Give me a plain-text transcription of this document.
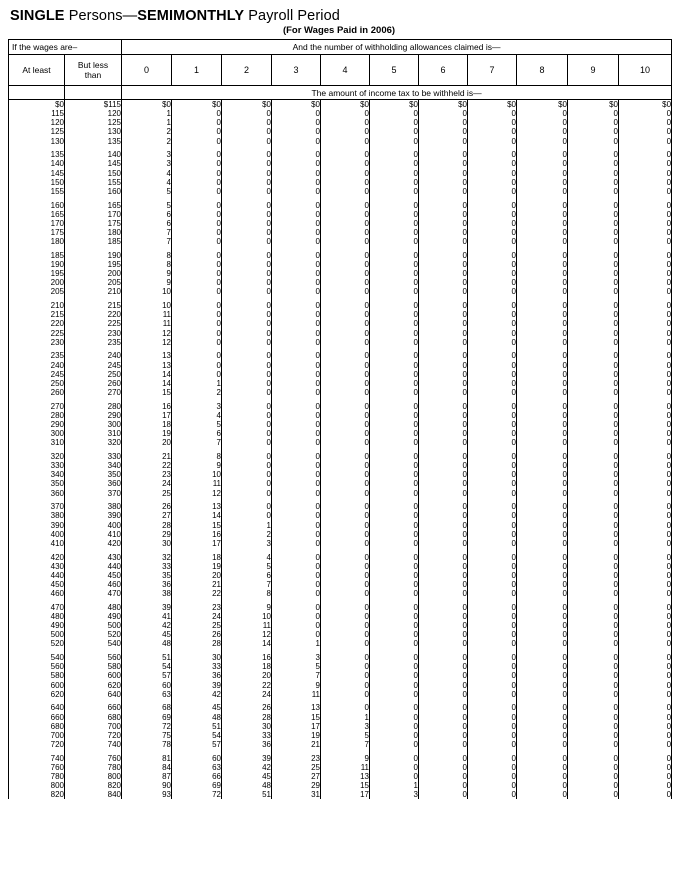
SINGLE Persons—SEMIMONTHLY Payroll Period
(For Wages Paid in 2006)
If the wages are–		And the number of withholding allowances claimed is—										
At least	But less
than	0	1	2	3	4	5	6	7	8	9	10
		The amount of income tax to be withheld is—										
$0	$115	$0	$0	$0	$0	$0	$0	$0	$0	$0	$0	$0
115	120	1	0	0	0	0	0	0	0	0	0	0
120	125	1	0	0	0	0	0	0	0	0	0	0
125	130	2	0	0	0	0	0	0	0	0	0	0
130	135	2	0	0	0	0	0	0	0	0	0	0

135	140	3	0	0	0	0	0	0	0	0	0	0
140	145	3	0	0	0	0	0	0	0	0	0	0
145	150	4	0	0	0	0	0	0	0	0	0	0
150	155	4	0	0	0	0	0	0	0	0	0	0
155	160	5	0	0	0	0	0	0	0	0	0	0

160	165	5	0	0	0	0	0	0	0	0	0	0
165	170	6	0	0	0	0	0	0	0	0	0	0
170	175	6	0	0	0	0	0	0	0	0	0	0
175	180	7	0	0	0	0	0	0	0	0	0	0
180	185	7	0	0	0	0	0	0	0	0	0	0

185	190	8	0	0	0	0	0	0	0	0	0	0
190	195	8	0	0	0	0	0	0	0	0	0	0
195	200	9	0	0	0	0	0	0	0	0	0	0
200	205	9	0	0	0	0	0	0	0	0	0	0
205	210	10	0	0	0	0	0	0	0	0	0	0

210	215	10	0	0	0	0	0	0	0	0	0	0
215	220	11	0	0	0	0	0	0	0	0	0	0
220	225	11	0	0	0	0	0	0	0	0	0	0
225	230	12	0	0	0	0	0	0	0	0	0	0
230	235	12	0	0	0	0	0	0	0	0	0	0

235	240	13	0	0	0	0	0	0	0	0	0	0
240	245	13	0	0	0	0	0	0	0	0	0	0
245	250	14	0	0	0	0	0	0	0	0	0	0
250	260	14	1	0	0	0	0	0	0	0	0	0
260	270	15	2	0	0	0	0	0	0	0	0	0

270	280	16	3	0	0	0	0	0	0	0	0	0
280	290	17	4	0	0	0	0	0	0	0	0	0
290	300	18	5	0	0	0	0	0	0	0	0	0
300	310	19	6	0	0	0	0	0	0	0	0	0
310	320	20	7	0	0	0	0	0	0	0	0	0

320	330	21	8	0	0	0	0	0	0	0	0	0
330	340	22	9	0	0	0	0	0	0	0	0	0
340	350	23	10	0	0	0	0	0	0	0	0	0
350	360	24	11	0	0	0	0	0	0	0	0	0
360	370	25	12	0	0	0	0	0	0	0	0	0

370	380	26	13	0	0	0	0	0	0	0	0	0
380	390	27	14	0	0	0	0	0	0	0	0	0
390	400	28	15	1	0	0	0	0	0	0	0	0
400	410	29	16	2	0	0	0	0	0	0	0	0
410	420	30	17	3	0	0	0	0	0	0	0	0

420	430	32	18	4	0	0	0	0	0	0	0	0
430	440	33	19	5	0	0	0	0	0	0	0	0
440	450	35	20	6	0	0	0	0	0	0	0	0
450	460	36	21	7	0	0	0	0	0	0	0	0
460	470	38	22	8	0	0	0	0	0	0	0	0

470	480	39	23	9	0	0	0	0	0	0	0	0
480	490	41	24	10	0	0	0	0	0	0	0	0
490	500	42	25	11	0	0	0	0	0	0	0	0
500	520	45	26	12	0	0	0	0	0	0	0	0
520	540	48	28	14	1	0	0	0	0	0	0	0

540	560	51	30	16	3	0	0	0	0	0	0	0
560	580	54	33	18	5	0	0	0	0	0	0	0
580	600	57	36	20	7	0	0	0	0	0	0	0
600	620	60	39	22	9	0	0	0	0	0	0	0
620	640	63	42	24	11	0	0	0	0	0	0	0

640	660	68	45	26	13	0	0	0	0	0	0	0
660	680	69	48	28	15	1	0	0	0	0	0	0
680	700	72	51	30	17	3	0	0	0	0	0	0
700	720	75	54	33	19	5	0	0	0	0	0	0
720	740	78	57	36	21	7	0	0	0	0	0	0

740	760	81	60	39	23	9	0	0	0	0	0	0
760	780	84	63	42	25	11	0	0	0	0	0	0
780	800	87	66	45	27	13	0	0	0	0	0	0
800	820	90	69	48	29	15	1	0	0	0	0	0
820	840	93	72	51	31	17	3	0	0	0	0	0
